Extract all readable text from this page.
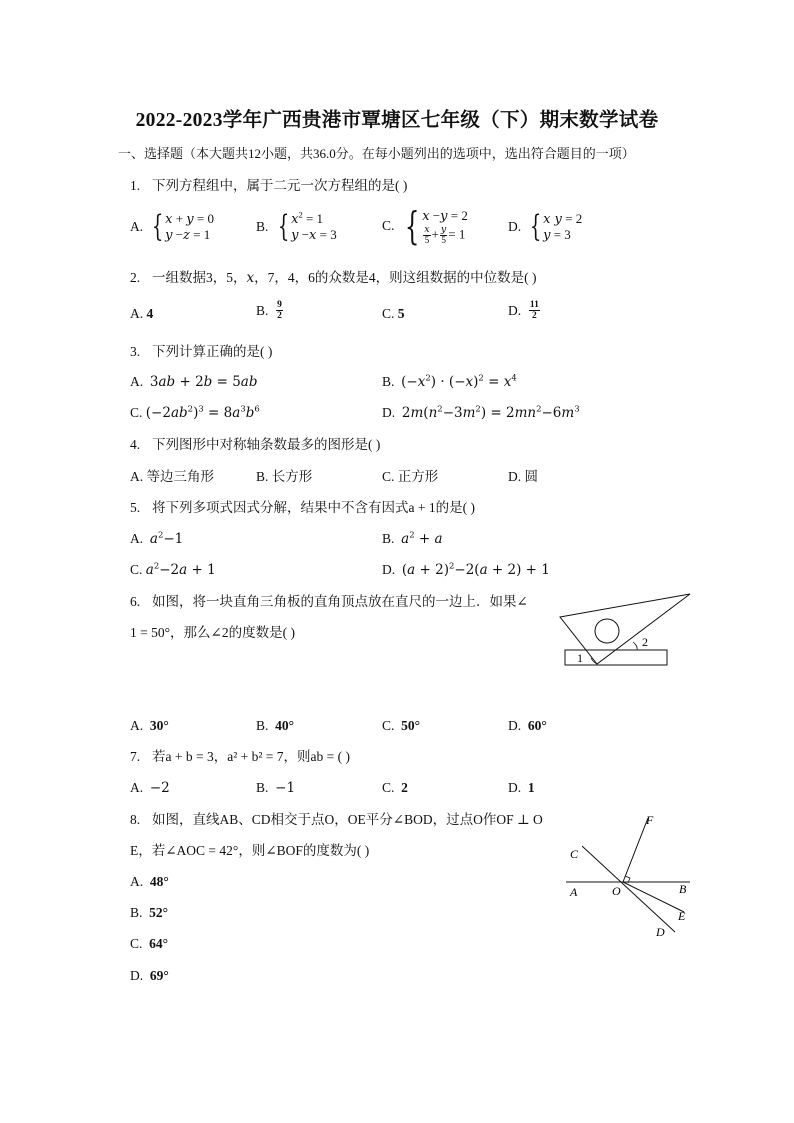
2022-2023学年广西贵港市覃塘区七年级（下）期末数学试卷
一、选择题（本大题共12小题，共36.0分。在每小题列出的选项中，选出符合题目的一项）
1. 下列方程组中，属于二元一次方程组的是( )
A. { x + y = 0
y −z = 1
B. { $x^2 = 1$
y −x = 3
C. { x −y = 2
$\frac{x}{5} + \frac{y}{5} = 1$	D. { x y = 2
y = 3
2. 一组数据3，5，x，7，4，6的众数是4，则这组数据的中位数是( )
A. 4	B.
$\frac{9}{2}$	C. 5	D.
$\frac{11}{2}$
3. 下列计算正确的是( )
A. 3ab + 2b = 5ab	B. $(-x^2) \cdot (-x)^2 = x^4$
C. $(-2ab^2)^3 = 8a^3b^6$	D. $2m(n^2-3m^2) = 2mn^2-6m^3$
4. 下列图形中对称轴条数最多的图形是( )
A. 等边三角形	B. 长方形	C. 正方形	D. 圆
5. 将下列多项式因式分解，结果中不含有因式a + 1的是( )
A. $a^2-1$	B. $a^2 + a$
C. $a^2-2a + 1$	D. $(a + 2)^2-2(a + 2) + 1$
6. 如图，将一块直角三角板的直角顶点放在直尺的一边上．如果∠
1 = 50°，那么∠2的度数是( )
1
2
A. 30°	B. 40°	C. 50°	D. 60°
7. 若a + b = 3，a² + b² = 7，则ab = ( )
A. −2	B. −1	C. 2	D. 1
8. 如图，直线AB、CD相交于点O，OE平分∠BOD，过点O作OF ⊥ O
E，若∠AOC = 42°，则∠BOF的度数为( )
A. 48°
B. 52°
C. 64°
D. 69°
F
C
A	O	B
E
D
